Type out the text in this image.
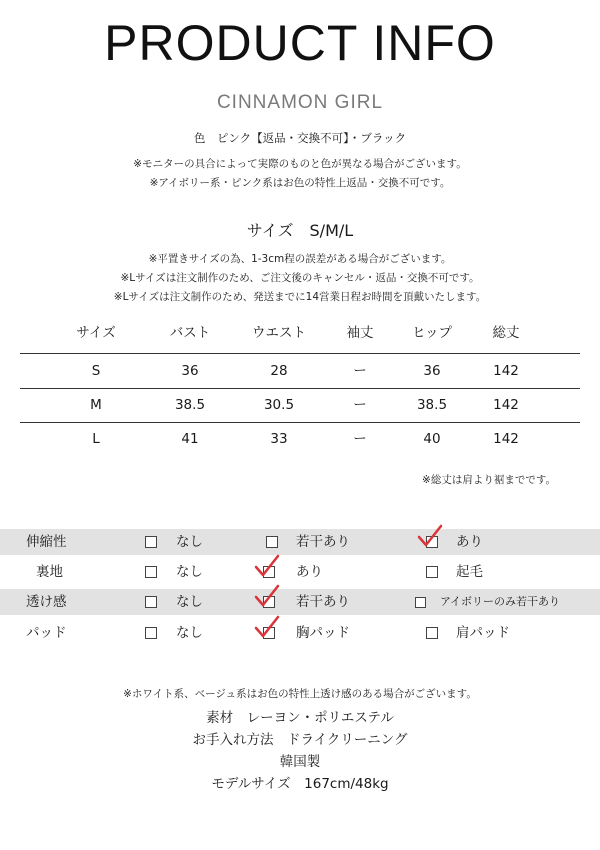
PRODUCT INFO
CINNAMON GIRL
色　ピンク【返品・交換不可】・ブラック
※モニターの具合によって実際のものと色が異なる場合がございます。
※アイボリー系・ピンク系はお色の特性上返品・交換不可です。
サイズ　S/M/L
※平置きサイズの為、1-3cm程の誤差がある場合がございます。
※Lサイズは注文制作のため、ご注文後のキャンセル・返品・交換不可です。
※Lサイズは注文制作のため、発送までに14営業日程お時間を頂戴いたします。
サイズ	バスト	ウエスト	袖丈	ヒップ	総丈
S	36	28	ー	36	142
M	38.5	30.5	ー	38.5	142
L	41	33	ー	40	142
※総丈は肩より裾までです。
伸縮性	なし	若干あり	あり
裏地	なし	あり	起毛
透け感	なし	若干あり	アイボリーのみ若干あり
パッド	なし	胸パッド	肩パッド
※ホワイト系、ベージュ系はお色の特性上透け感のある場合がございます。
素材　レーヨン・ポリエステル
お手入れ方法　ドライクリーニング
韓国製
モデルサイズ　167cm/48kg
